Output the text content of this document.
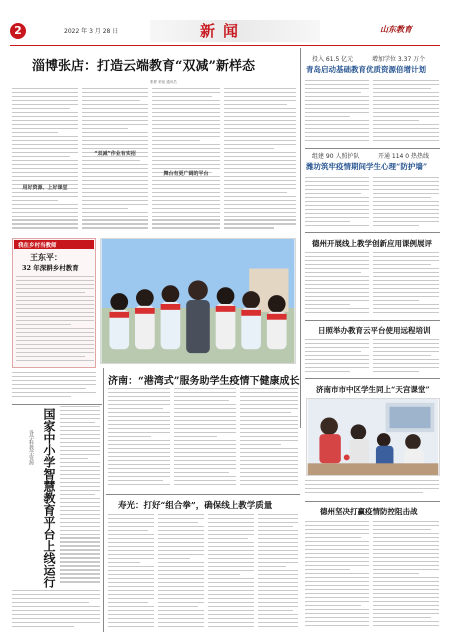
2	2022 年 3 月 28 日	新闻	山东教育
淄博张店：打造云端教育“双减”新样态
张彬 荣延 通讯员
用好资源、上好课堂
“双减”作业有实招
舞台有更广阔的平台
投入 61.5 亿元	增加学位 3.37 万个
青岛启动基础教育优质资源倍增计划
组建 90 人照护队	开通 114 0 热热线
潍坊筑牢疫情期间学生心理“防护墙”
德州开展线上教学创新应用课例展评
日照举办教育云平台使用远程培训
济南市市中区学生同上“天宫课堂”
德州坚决打赢疫情防控阻击战
我在乡村当教师
王东平：
32 年深耕乡村教育
国家中小学智慧教育平台上线运行
各学科教学资源
济南：“港湾式”服务助学生疫情下健康成长
寿光：打好“组合拳”，确保线上教学质量
